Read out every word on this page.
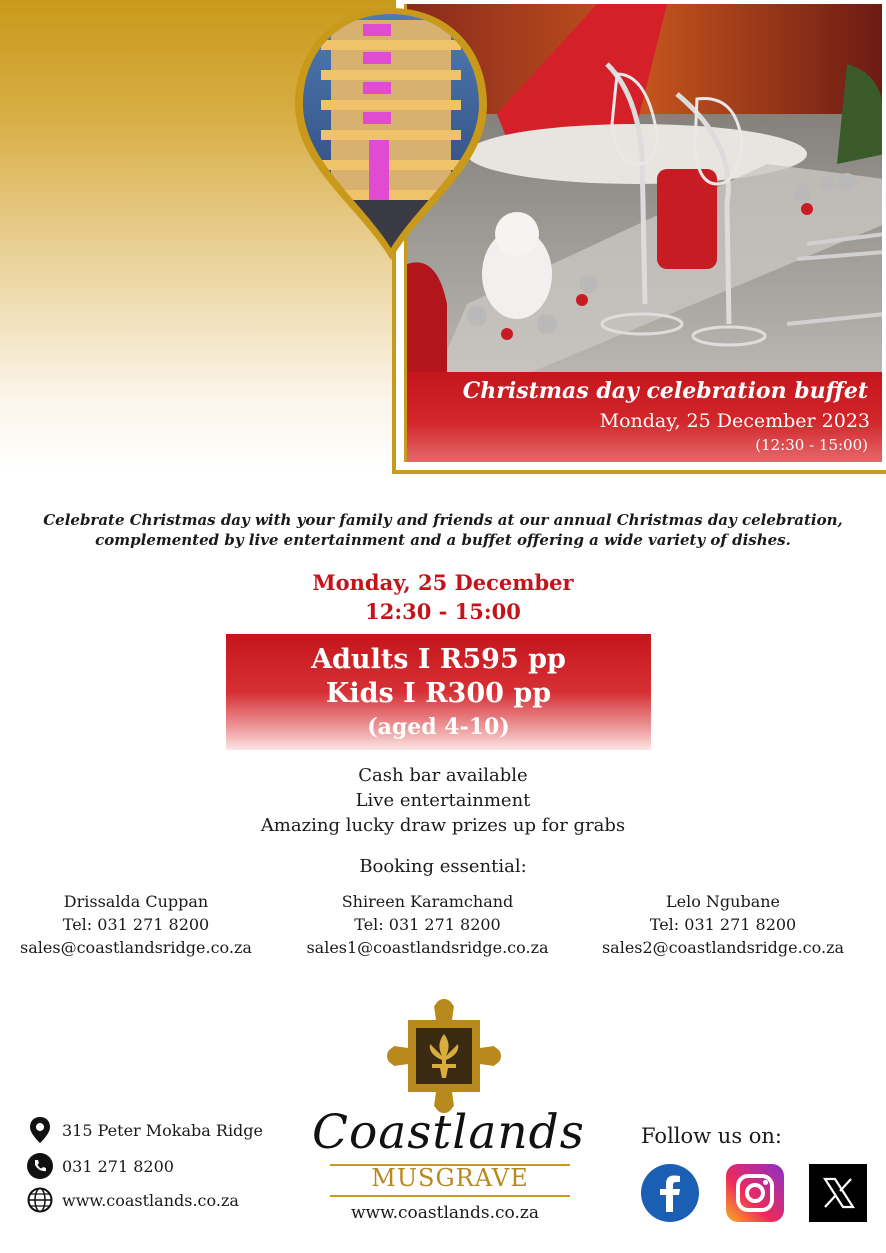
Christmas day celebration buffet
Monday, 25 December 2023
(12:30 - 15:00)
Celebrate Christmas day with your family and friends at our annual Christmas day celebration,
complemented by live entertainment and a buffet offering a wide variety of dishes.
Monday, 25 December
12:30 - 15:00
Adults I R595 pp
Kids I R300 pp
(aged 4-10)
Cash bar available
Live entertainment
Amazing lucky draw prizes up for grabs
Booking essential:
Drissalda Cuppan
Tel: 031 271 8200
sales@coastlandsridge.co.za
Shireen Karamchand
Tel: 031 271 8200
sales1@coastlandsridge.co.za
Lelo Ngubane
Tel: 031 271 8200
sales2@coastlandsridge.co.za
315 Peter Mokaba Ridge
031 271 8200
www.coastlands.co.za
Coastlands
MUSGRAVE
www.coastlands.co.za
Follow us on:
